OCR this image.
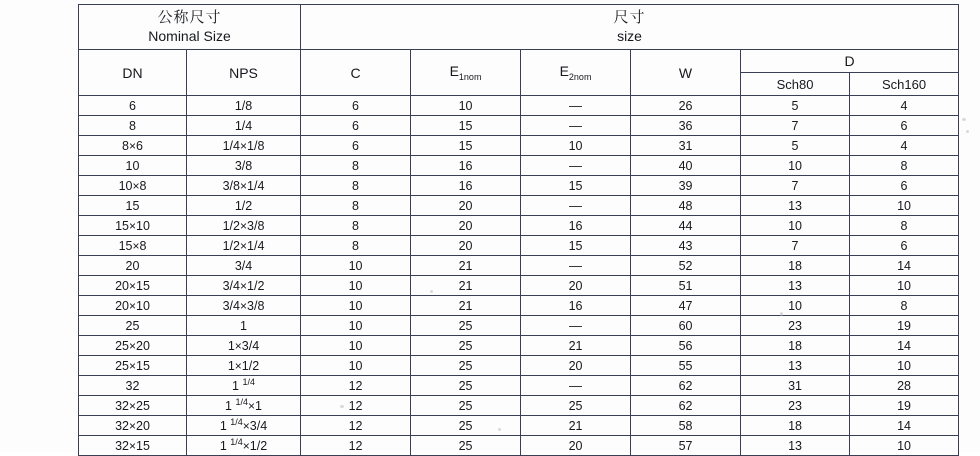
公称尺寸
Nominal Size

尺寸
size

DN	NPS	C	$E_{1nom}$	$E_{2nom}$	W	D	
						Sch80	Sch160
6	1/8	6	10	—	26	5	4
8	1/4	6	15	—	36	7	6
8×6	1/4×1/8	6	15	10	31	5	4
10	3/8	8	16	—	40	10	8
10×8	3/8×1/4	8	16	15	39	7	6
15	1/2	8	20	—	48	13	10
15×10	1/2×3/8	8	20	16	44	10	8
15×8	1/2×1/4	8	20	15	43	7	6
20	3/4	10	21	—	52	18	14
20×15	3/4×1/2	10	21	20	51	13	10
20×10	3/4×3/8	10	21	16	47	10	8
25	1	10	25	—	60	23	19
25×20	1×3/4	10	25	21	56	18	14
25×15	1×1/2	10	25	20	55	13	10
32	1 $^{1/4}$	12	25	—	62	31	28
32×25	1 $^{1/4}$×1	12	25	25	62	23	19
32×20	1 $^{1/4}$×3/4	12	25	21	58	18	14
32×15	1 $^{1/4}$×1/2	12	25	20	57	13	10
